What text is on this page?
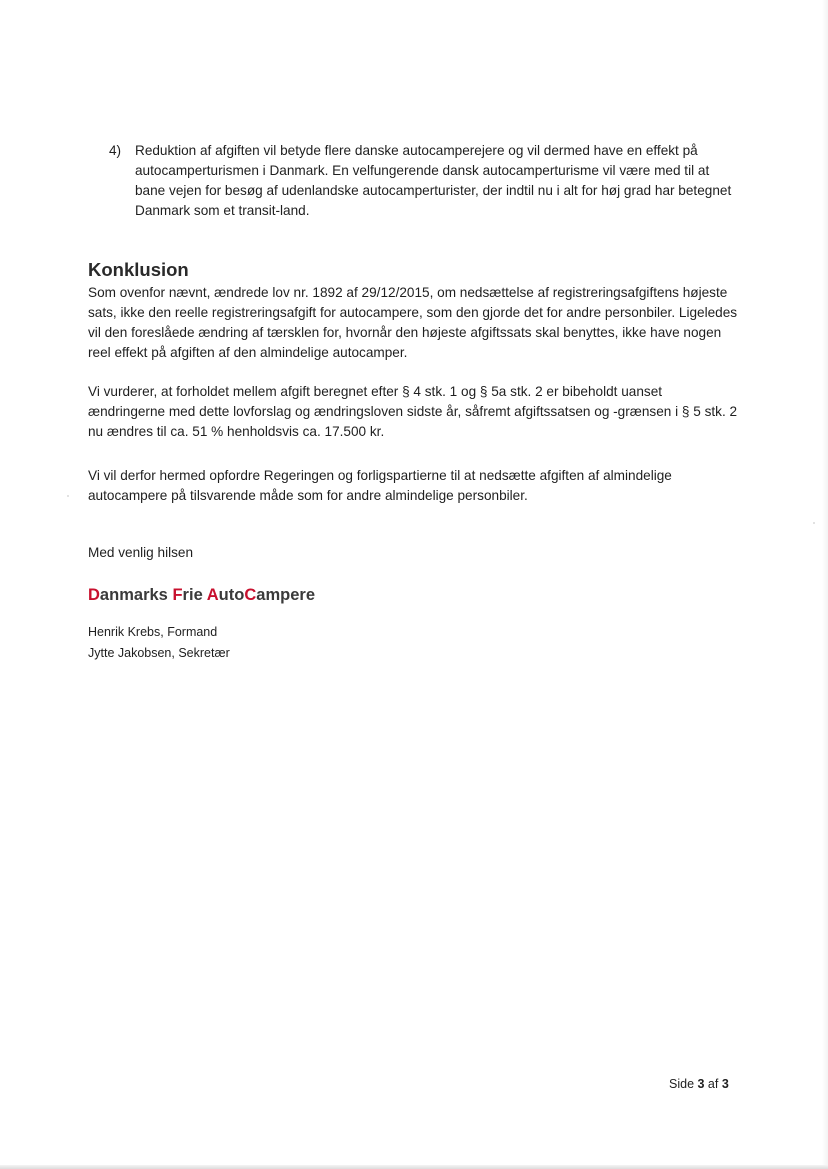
4)	Reduktion af afgiften vil betyde flere danske autocamperejere og vil dermed have en effekt på autocamperturismen i Danmark. En velfungerende dansk autocamperturisme vil være med til at bane vejen for besøg af udenlandske autocamperturister, der indtil nu i alt for høj grad har betegnet Danmark som et transit-land.
Konklusion
Som ovenfor nævnt, ændrede lov nr. 1892 af 29/12/2015, om nedsættelse af registreringsafgiftens højeste sats, ikke den reelle registreringsafgift for autocampere, som den gjorde det for andre personbiler. Ligeledes vil den foreslåede ændring af tærsklen for, hvornår den højeste afgiftssats skal benyttes, ikke have nogen reel effekt på afgiften af den almindelige autocamper.
Vi vurderer, at forholdet mellem afgift beregnet efter § 4 stk. 1 og § 5a stk. 2 er bibeholdt uanset ændringerne med dette lovforslag og ændringsloven sidste år, såfremt afgiftssatsen og -grænsen i § 5 stk. 2 nu ændres til ca. 51 % henholdsvis ca. 17.500 kr.
Vi vil derfor hermed opfordre Regeringen og forligspartierne til at nedsætte afgiften af almindelige autocampere på tilsvarende måde som for andre almindelige personbiler.
Med venlig hilsen
Danmarks Frie AutoCampere
Henrik Krebs, Formand
Jytte Jakobsen, Sekretær
Side 3 af 3
